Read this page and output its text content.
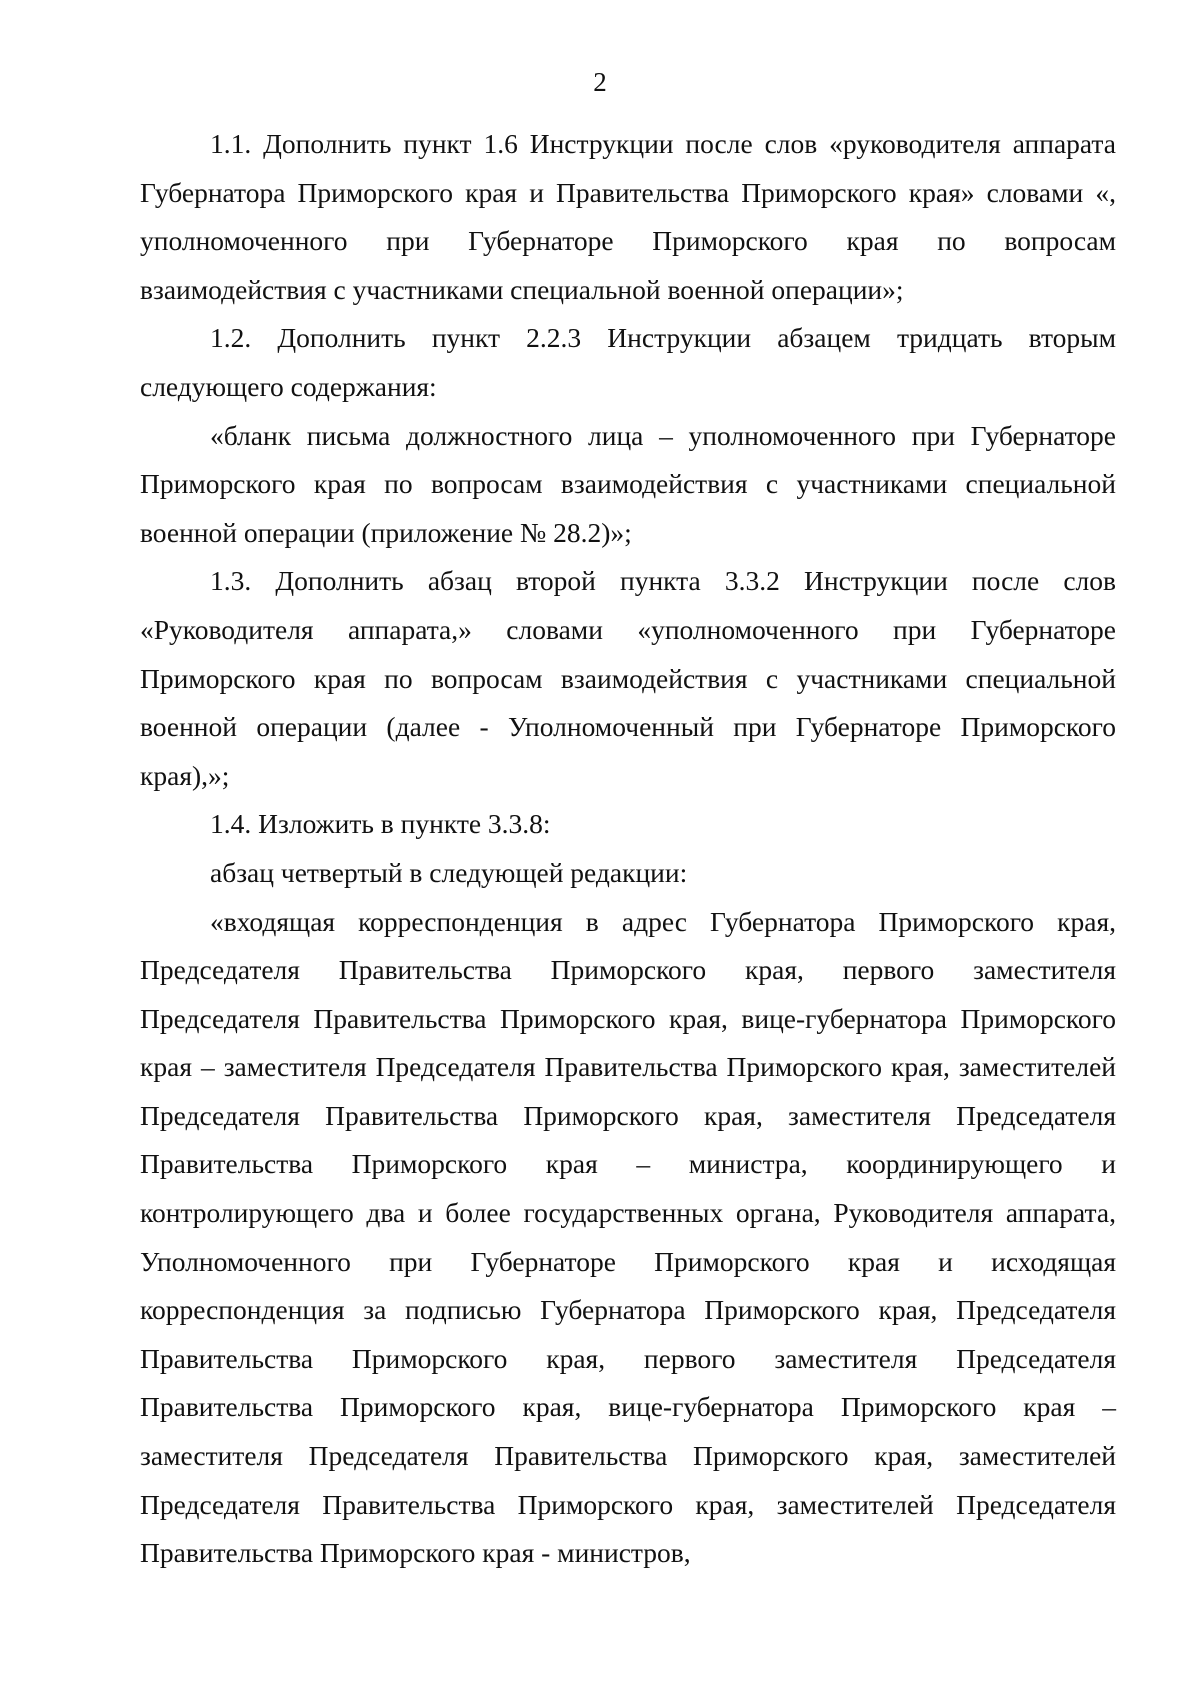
2

1.1. Дополнить пункт 1.6 Инструкции после слов «руководителя аппарата Губернатора Приморского края и Правительства Приморского края» словами «, уполномоченного при Губернаторе Приморского края по вопросам взаимодействия с участниками специальной военной операции»;

1.2. Дополнить пункт 2.2.3 Инструкции абзацем тридцать вторым следующего содержания:

«бланк письма должностного лица – уполномоченного при Губернаторе Приморского края по вопросам взаимодействия с участниками специальной военной операции (приложение № 28.2)»;

1.3. Дополнить абзац второй пункта 3.3.2 Инструкции после слов «Руководителя аппарата,» словами «уполномоченного при Губернаторе Приморского края по вопросам взаимодействия с участниками специальной военной операции (далее - Уполномоченный при Губернаторе Приморского края),»;

1.4. Изложить в пункте 3.3.8:

абзац четвертый в следующей редакции:

«входящая корреспонденция в адрес Губернатора Приморского края, Председателя Правительства Приморского края, первого заместителя Председателя Правительства Приморского края, вице-губернатора Приморского края – заместителя Председателя Правительства Приморского края, заместителей Председателя Правительства Приморского края, заместителя Председателя Правительства Приморского края – министра, координирующего и контролирующего два и более государственных органа, Руководителя аппарата, Уполномоченного при Губернаторе Приморского края и исходящая корреспонденция за подписью Губернатора Приморского края, Председателя Правительства Приморского края, первого заместителя Председателя Правительства Приморского края, вице-губернатора Приморского края – заместителя Председателя Правительства Приморского края, заместителей Председателя Правительства Приморского края, заместителей Председателя Правительства Приморского края - министров,
